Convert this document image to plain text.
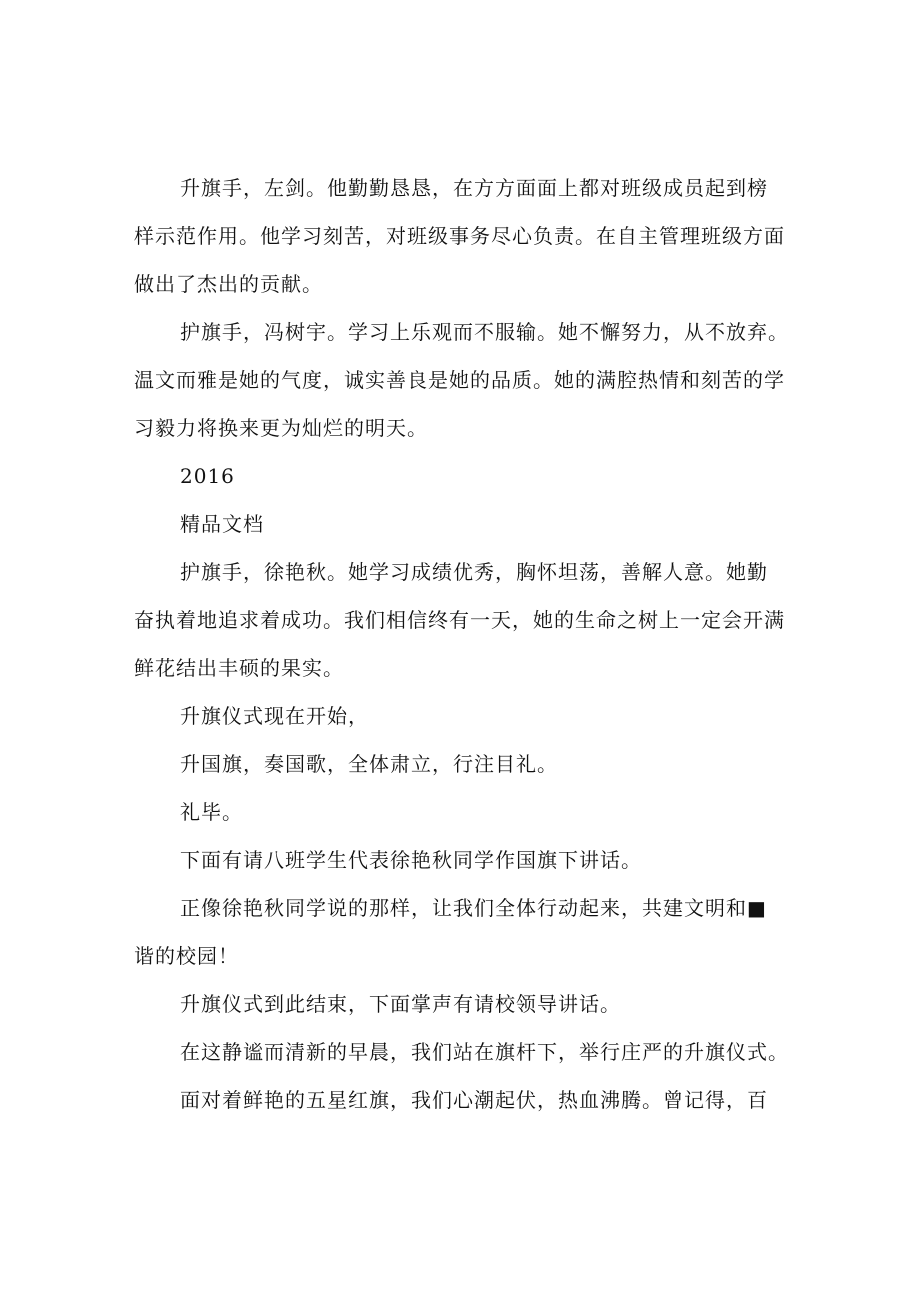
升旗手，左剑。他勤勤恳恳，在方方面面上都对班级成员起到榜
样示范作用。他学习刻苦，对班级事务尽心负责。在自主管理班级方面
做出了杰出的贡献。
护旗手，冯树宇。学习上乐观而不服输。她不懈努力，从不放弃。
温文而雅是她的气度，诚实善良是她的品质。她的满腔热情和刻苦的学
习毅力将换来更为灿烂的明天。
2016
精品文档
护旗手，徐艳秋。她学习成绩优秀，胸怀坦荡，善解人意。她勤
奋执着地追求着成功。我们相信终有一天，她的生命之树上一定会开满
鲜花结出丰硕的果实。
升旗仪式现在开始，
升国旗，奏国歌，全体肃立，行注目礼。
礼毕。
下面有请八班学生代表徐艳秋同学作国旗下讲话。
正像徐艳秋同学说的那样，让我们全体行动起来，共建文明和■
谐的校园！
升旗仪式到此结束，下面掌声有请校领导讲话。
在这静谧而清新的早晨，我们站在旗杆下，举行庄严的升旗仪式。
面对着鲜艳的五星红旗，我们心潮起伏，热血沸腾。曾记得，百
